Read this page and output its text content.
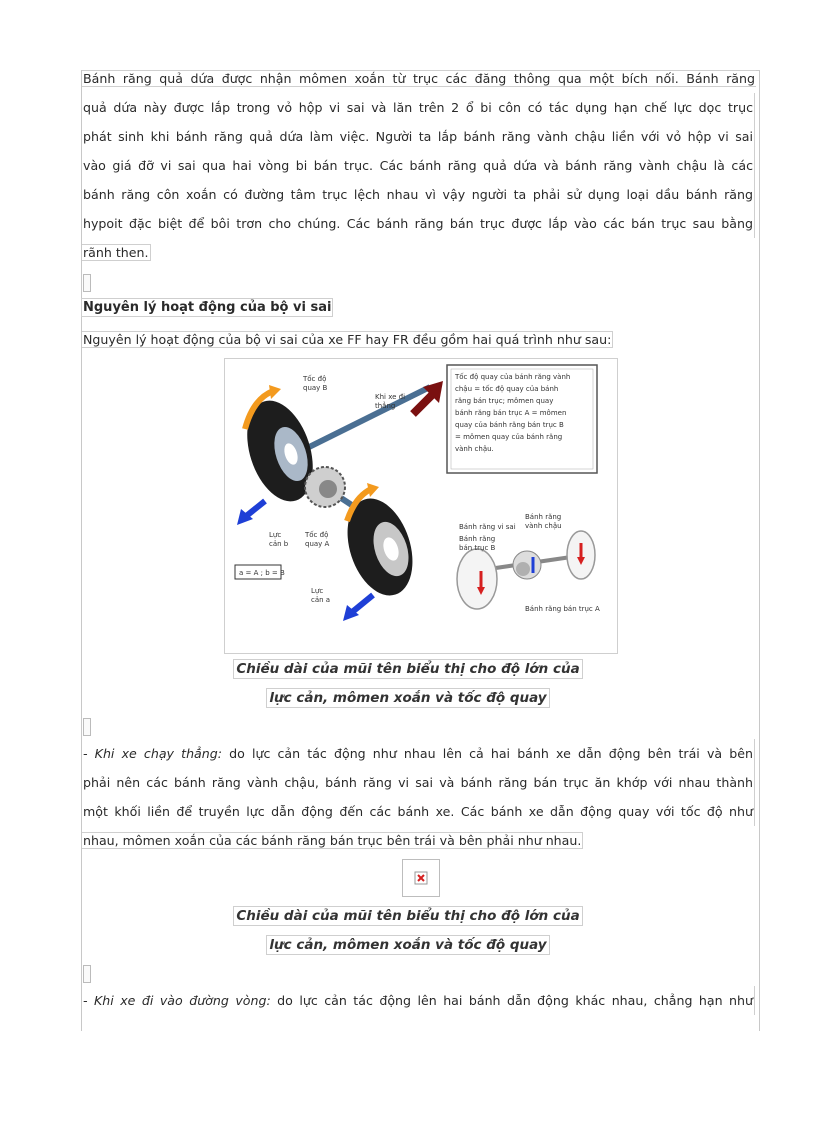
Bánh răng quả dứa được nhận mômen xoắn từ trục các đăng thông qua một bích nối. Bánh răng
quả dứa này được lắp trong vỏ hộp vi sai và lăn trên 2 ổ bi côn có tác dụng hạn chế lực dọc trục
phát sinh khi bánh răng quả dứa làm việc. Người ta lắp bánh răng vành chậu liền với vỏ hộp vi sai
vào giá đỡ vi sai qua hai vòng bi bán trục. Các bánh răng quả dứa và bánh răng vành chậu là các
bánh răng côn xoắn có đường tâm trục lệch nhau vì vậy người ta phải sử dụng loại dầu bánh răng
hypoit đặc biệt để bôi trơn cho chúng. Các bánh răng bán trục được lắp vào các bán trục sau bằng
rãnh then.
Nguyên lý hoạt động của bộ vi sai
Nguyên lý hoạt động của bộ vi sai của xe FF hay FR đều gồm hai quá trình như sau:
Tốc độ quay B
Khi xe đi thẳng
Lực cản b
Tốc độ quay A
Lực cản a
a = A ; b = B
Tốc độ quay của bánh răng vành chậu = tốc độ quay của bánh răng bán trục; mômen quay bánh răng bán trục A = mômen quay của bánh răng bán trục B = mômen quay của bánh răng vành chậu.
Bánh răng vi sai
Bánh răng vành chậu
Bánh răng bán trục B
Bánh răng bán trục A
Chiều dài của mũi tên biểu thị cho độ lớn của
lực cản, mômen xoắn và tốc độ quay
- Khi xe chạy thẳng: do lực cản tác động như nhau lên cả hai bánh xe dẫn động bên trái và bên
phải nên các bánh răng vành chậu, bánh răng vi sai và bánh răng bán trục ăn khớp với nhau thành
một khối liền để truyền lực dẫn động đến các bánh xe. Các bánh xe dẫn động quay với tốc độ như
nhau, mômen xoắn của các bánh răng bán trục bên trái và bên phải như nhau.
Chiều dài của mũi tên biểu thị cho độ lớn của
lực cản, mômen xoắn và tốc độ quay
- Khi xe đi vào đường vòng: do lực cản tác động lên hai bánh dẫn động khác nhau, chẳng hạn như
